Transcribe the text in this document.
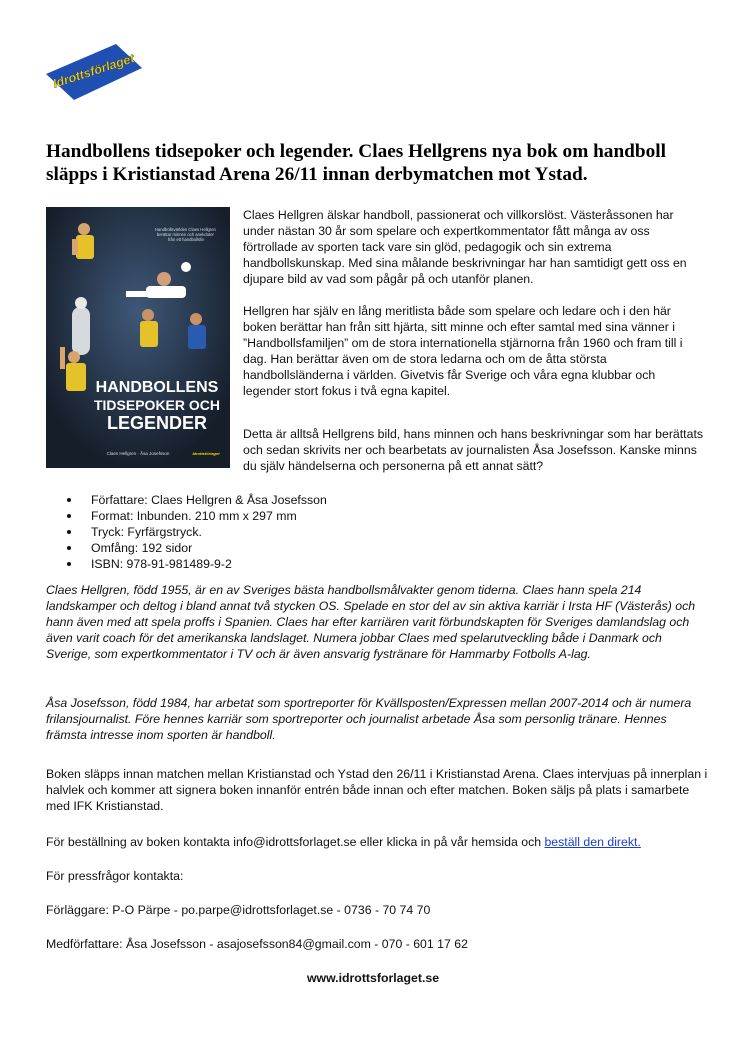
Idrottsförlaget
Handbollens tidsepoker och legender. Claes Hellgrens nya bok om handboll släpps i Kristianstad Arena 26/11 innan derbymatchen mot Ystad.
Handbollsvärlden Claes Hellgren berättar minnen och anekdoter från ett handbollsliv
HANDBOLLENS
TIDSEPOKER OCH
LEGENDER
Claes Hellgren · Åsa Josefsson	Idrottsförlaget

Claes Hellgren älskar handboll, passionerat och villkorslöst. Västeråssonen har under nästan 30 år som spelare och expertkommentator fått många av oss förtrollade av sporten tack vare sin glöd, pedagogik och sin extrema handbollskunskap. Med sina målande beskrivningar har han samtidigt gett oss en djupare bild av vad som pågår på och utanför planen.

Hellgren har själv en lång meritlista både som spelare och ledare och i den här boken berättar han från sitt hjärta, sitt minne och efter samtal med sina vänner i ”Handbollsfamiljen” om de stora internationella stjärnorna från 1960 och fram till i dag. Han berättar även om de stora ledarna och om de åtta största handbollsländerna i världen. Givetvis får Sverige och våra egna klubbar och legender stort fokus i två egna kapitel.

Detta är alltså Hellgrens bild, hans minnen och hans beskrivningar som har berättats och sedan skrivits ner och bearbetats av journalisten Åsa Josefsson. Kanske minns du själv händelserna och personerna på ett annat sätt?

Författare: Claes Hellgren & Åsa Josefsson
Format: Inbunden. 210 mm x 297 mm
Tryck: Fyrfärgstryck.
Omfång: 192 sidor
ISBN: 978-91-981489-9-2

Claes Hellgren, född 1955, är en av Sveriges bästa handbollsmålvakter genom tiderna. Claes hann spela 214 landskamper och deltog i bland annat två stycken OS. Spelade en stor del av sin aktiva karriär i Irsta HF (Västerås) och hann även med att spela proffs i Spanien. Claes har efter karriären varit förbundskapten för Sveriges damlandslag och även varit coach för det amerikanska landslaget. Numera jobbar Claes med spelarutveckling både i Danmark och Sverige, som expertkommentator i TV och är även ansvarig fystränare för Hammarby Fotbolls A-lag.

Åsa Josefsson, född 1984, har arbetat som sportreporter för Kvällsposten/Expressen mellan 2007-2014 och är numera frilansjournalist. Före hennes karriär som sportreporter och journalist arbetade Åsa som personlig tränare. Hennes främsta intresse inom sporten är handboll.

Boken släpps innan matchen mellan Kristianstad och Ystad den 26/11 i Kristianstad Arena. Claes intervjuas på innerplan i halvlek och kommer att signera boken innanför entrén både innan och efter matchen. Boken säljs på plats i samarbete med IFK Kristianstad.

För beställning av boken kontakta info@idrottsforlaget.se eller klicka in på vår hemsida och beställ den direkt.

För pressfrågor kontakta:

Förläggare: P-O Pärpe - po.parpe@idrottsforlaget.se - 0736 - 70 74 70

Medförfattare: Åsa Josefsson - asajosefsson84@gmail.com - 070 - 601 17 62

www.idrottsforlaget.se
